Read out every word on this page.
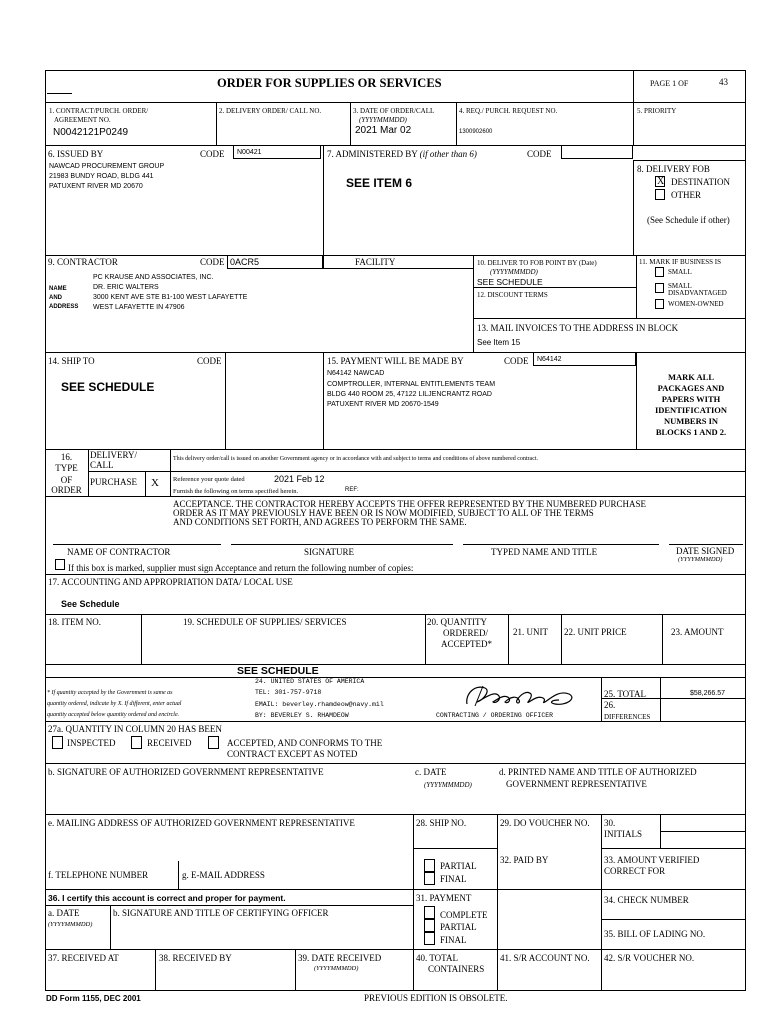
ORDER FOR SUPPLIES OR SERVICES	PAGE 1 OF	43
1. CONTRACT/PURCH. ORDER/
AGREEMENT NO.
N0042121P0249
2. DELIVERY ORDER/ CALL NO.	3. DATE OF ORDER/CALL
(YYYYMMMDD)
2021 Mar 02
4. REQ./ PURCH. REQUEST NO.
1300902600
5. PRIORITY
6. ISSUED BY	CODE N00421
NAWCAD PROCUREMENT GROUP
21983 BUNDY ROAD, BLDG 441
PATUXENT RIVER MD 20670
7. ADMINISTERED BY (if other than 6)	CODE
SEE ITEM 6
8. DELIVERY FOB
X DESTINATION
OTHER
(See Schedule if other)
9. CONTRACTOR	CODE 0ACR5	FACILITY
NAME
AND
ADDRESS
PC KRAUSE AND ASSOCIATES, INC.
DR. ERIC WALTERS
3000 KENT AVE STE B1-100 WEST LAFAYETTE
WEST LAFAYETTE IN 47906
10. DELIVER TO FOB POINT BY (Date)
(YYYYMMMDD)
SEE SCHEDULE
12. DISCOUNT TERMS
11. MARK IF BUSINESS IS
SMALL
SMALL
DISADVANTAGED
WOMEN-OWNED
13. MAIL INVOICES TO THE ADDRESS IN BLOCK
See Item 15
14. SHIP TO	CODE
SEE SCHEDULE
15. PAYMENT WILL BE MADE BY	CODE N64142
N64142 NAWCAD
COMPTROLLER, INTERNAL ENTITLEMENTS TEAM
BLDG 440 ROOM 25, 47122 LILJENCRANTZ ROAD
PATUXENT RIVER MD 20670-1549
MARK ALL
PACKAGES AND
PAPERS WITH
IDENTIFICATION
NUMBERS IN
BLOCKS 1 AND 2.
16.
TYPE
OF
ORDER
DELIVERY/
CALL
This delivery order/call is issued on another Government agency or in accordance with and subject to terms and conditions of above numbered contract.
PURCHASE X Reference your quote dated	2021 Feb 12
Furnish the following on terms specified herein.	REF:
ACCEPTANCE. THE CONTRACTOR HEREBY ACCEPTS THE OFFER REPRESENTED BY THE NUMBERED PURCHASE
ORDER AS IT MAY PREVIOUSLY HAVE BEEN OR IS NOW MODIFIED, SUBJECT TO ALL OF THE TERMS
AND CONDITIONS SET FORTH, AND AGREES TO PERFORM THE SAME.
NAME OF CONTRACTOR	SIGNATURE	TYPED NAME AND TITLE	DATE SIGNED
(YYYYMMMDD)
If this box is marked, supplier must sign Acceptance and return the following number of copies:
17. ACCOUNTING AND APPROPRIATION DATA/ LOCAL USE
See Schedule
18. ITEM NO.	19. SCHEDULE OF SUPPLIES/ SERVICES	20. QUANTITY
ORDERED/
ACCEPTED*
21. UNIT 22. UNIT PRICE	23. AMOUNT
SEE SCHEDULE
* If quantity accepted by the Government is same as
quantity ordered, indicate by X. If different, enter actual
quantity accepted below quantity ordered and encircle.
24. UNITED STATES OF AMERICA
TEL: 301-757-9718
EMAIL: beverley.rhamdeow@navy.mil
BY: BEVERLEY S. RHAMDEOW	CONTRACTING / ORDERING OFFICER
25. TOTAL	$58,266.57
26.
DIFFERENCES
27a. QUANTITY IN COLUMN 20 HAS BEEN
INSPECTED	RECEIVED	ACCEPTED, AND CONFORMS TO THE
CONTRACT EXCEPT AS NOTED
b. SIGNATURE OF AUTHORIZED GOVERNMENT REPRESENTATIVE	c. DATE
(YYYYMMMDD)
d. PRINTED NAME AND TITLE OF AUTHORIZED
GOVERNMENT REPRESENTATIVE
e. MAILING ADDRESS OF AUTHORIZED GOVERNMENT REPRESENTATIVE	28. SHIP NO.	29. DO VOUCHER NO. 30.
INITIALS
PARTIAL
FINAL
32. PAID BY	33. AMOUNT VERIFIED
CORRECT FOR
f. TELEPHONE NUMBER	g. E-MAIL ADDRESS
36. I certify this account is correct and proper for payment.
a. DATE
(YYYYMMMDD)
b. SIGNATURE AND TITLE OF CERTIFYING OFFICER
31. PAYMENT
COMPLETE
PARTIAL
FINAL
34. CHECK NUMBER
35. BILL OF LADING NO.
37. RECEIVED AT	38. RECEIVED BY	39. DATE RECEIVED
(YYYYMMMDD)
40. TOTAL
CONTAINERS
41. S/R ACCOUNT NO. 42. S/R VOUCHER NO.
DD Form 1155, DEC 2001	PREVIOUS EDITION IS OBSOLETE.
